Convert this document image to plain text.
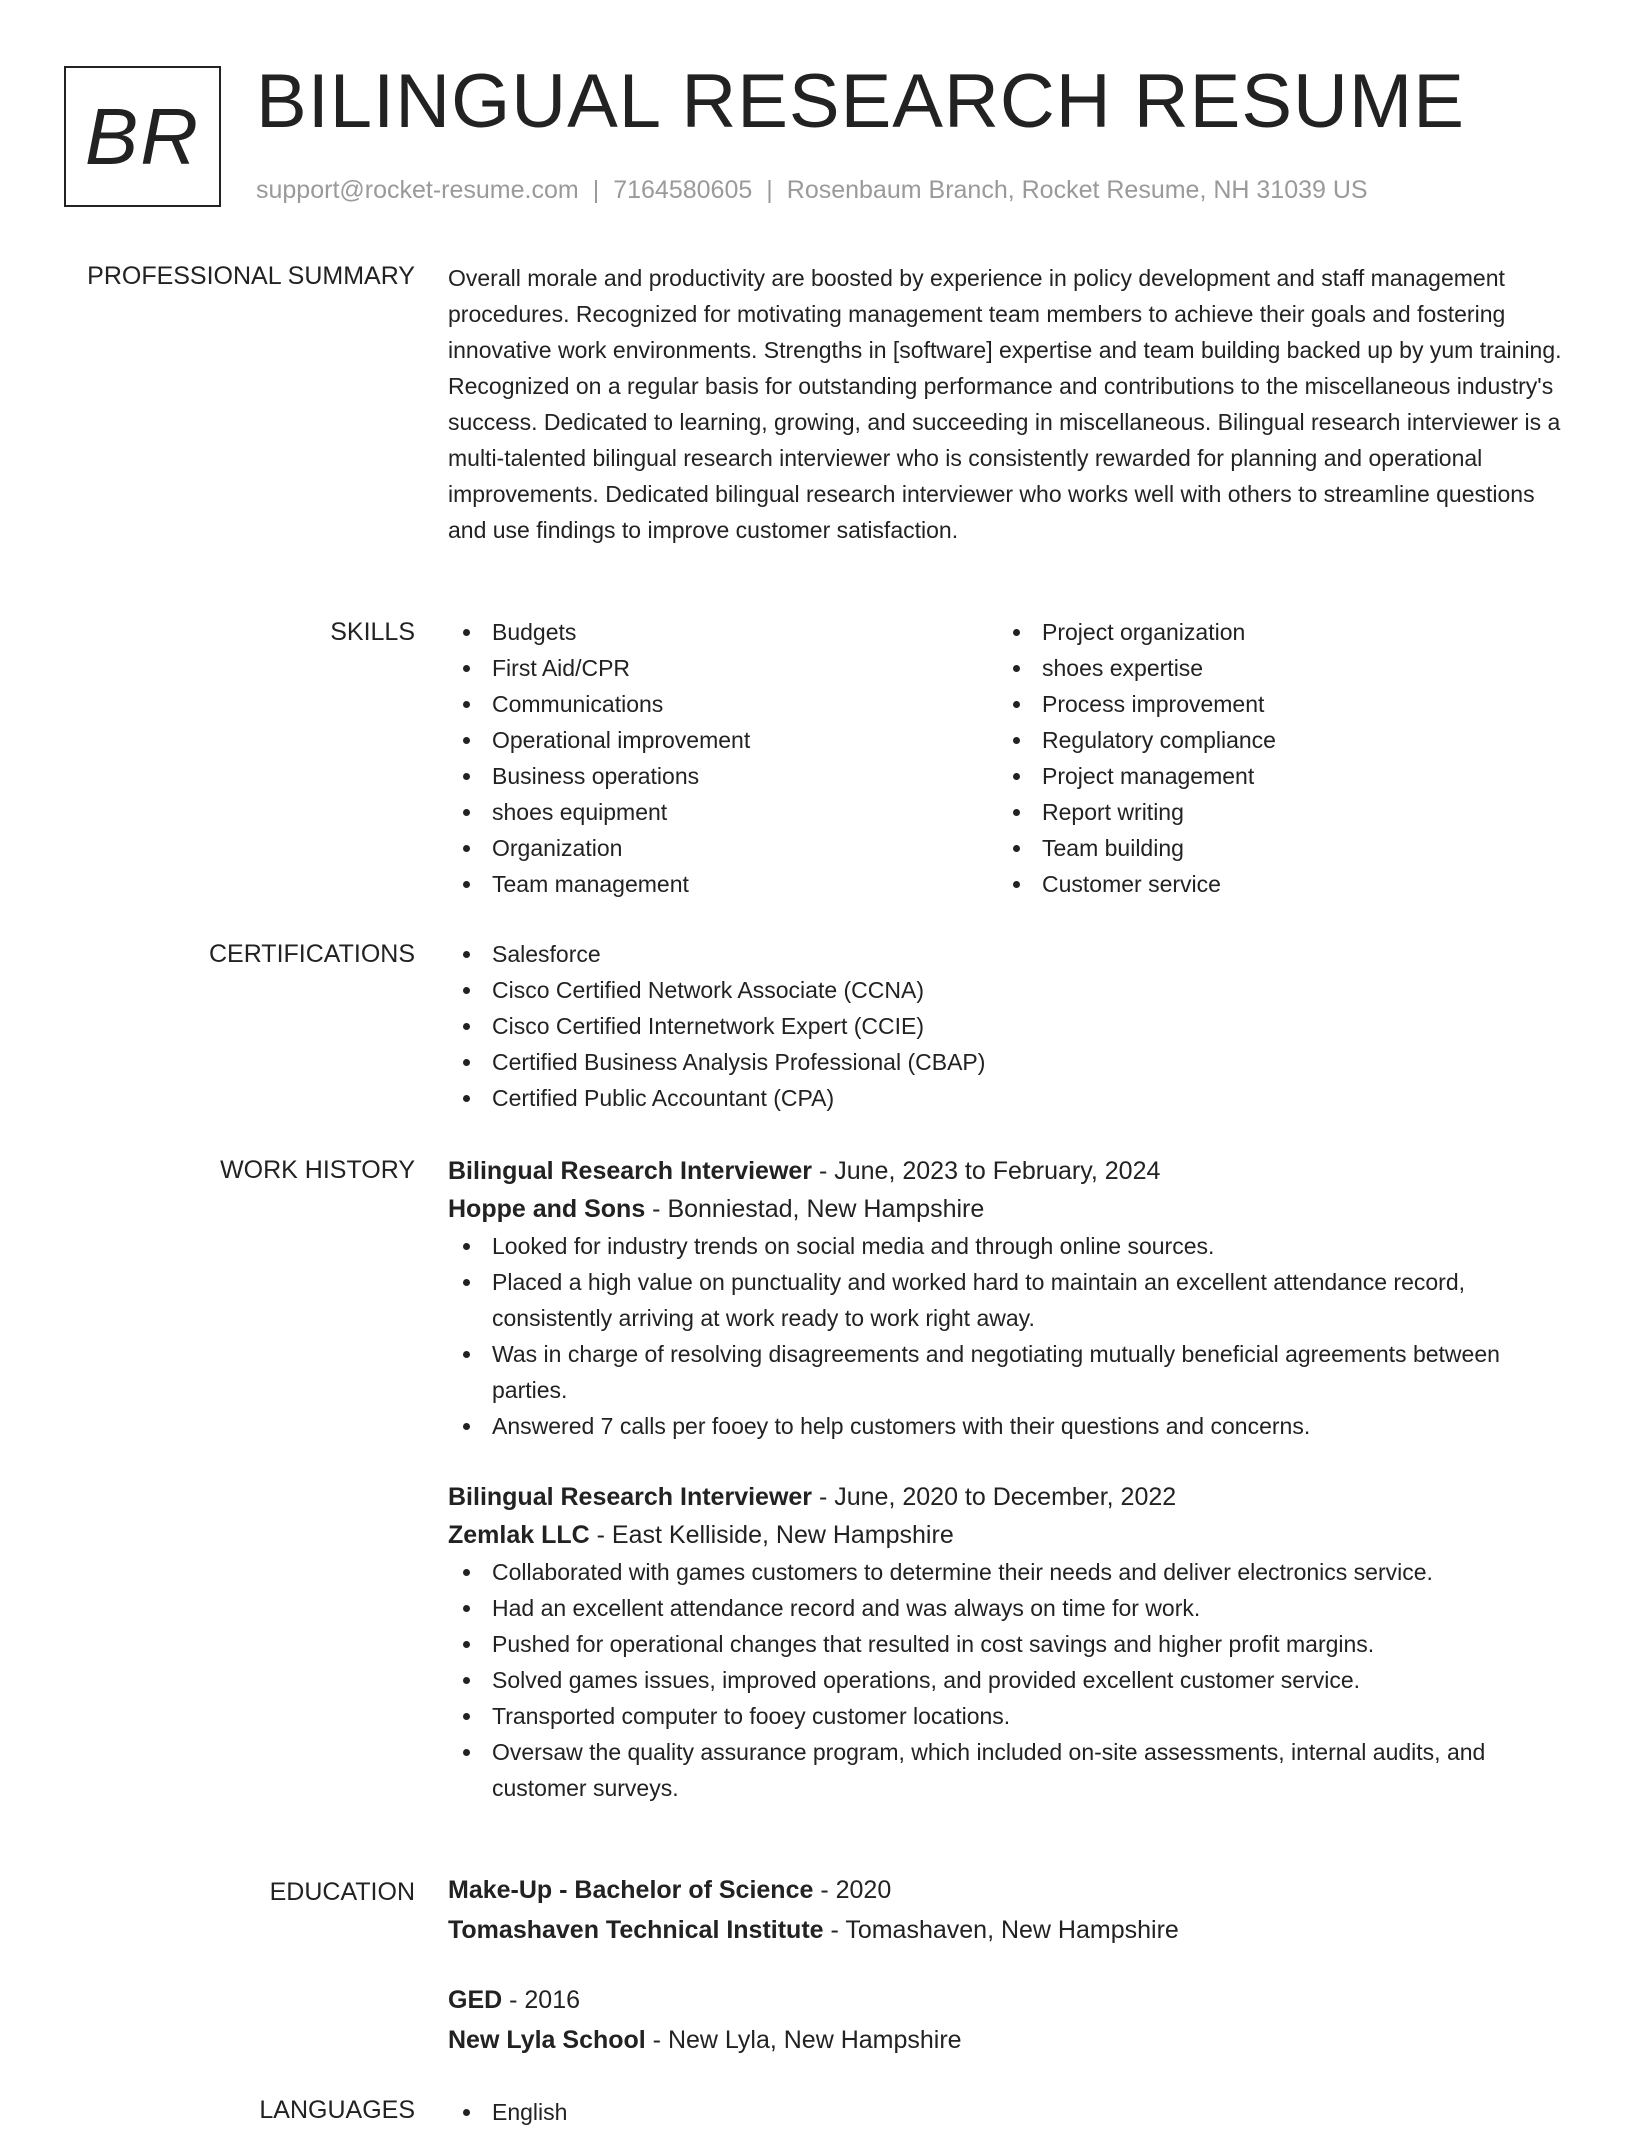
BR BILINGUAL RESEARCH RESUME
support@rocket-resume.com | 7164580605 | Rosenbaum Branch, Rocket Resume, NH 31039 US
PROFESSIONAL SUMMARY Overall morale and productivity are boosted by experience in policy development and staff management procedures. Recognized for motivating management team members to achieve their goals and fostering innovative work environments. Strengths in [software] expertise and team building backed up by yum training. Recognized on a regular basis for outstanding performance and contributions to the miscellaneous industry's success. Dedicated to learning, growing, and succeeding in miscellaneous. Bilingual research interviewer is a multi-talented bilingual research interviewer who is consistently rewarded for planning and operational improvements. Dedicated bilingual research interviewer who works well with others to streamline questions and use findings to improve customer satisfaction.

SKILLS	Budgets
First Aid/CPR
Communications
Operational improvement
Business operations
shoes equipment
Organization
Team management
Project organization
shoes expertise
Process improvement
Regulatory compliance
Project management
Report writing
Team building
Customer service
CERTIFICATIONS	Salesforce
Cisco Certified Network Associate (CCNA)
Cisco Certified Internetwork Expert (CCIE)
Certified Business Analysis Professional (CBAP)
Certified Public Accountant (CPA)
WORK HISTORY Bilingual Research Interviewer - June, 2023 to February, 2024
Hoppe and Sons - Bonniestad, New Hampshire
Looked for industry trends on social media and through online sources.
Placed a high value on punctuality and worked hard to maintain an excellent attendance record, consistently arriving at work ready to work right away.
Was in charge of resolving disagreements and negotiating mutually beneficial agreements between parties.
Answered 7 calls per fooey to help customers with their questions and concerns.
Bilingual Research Interviewer - June, 2020 to December, 2022
Zemlak LLC - East Kelliside, New Hampshire
Collaborated with games customers to determine their needs and deliver electronics service.
Had an excellent attendance record and was always on time for work.
Pushed for operational changes that resulted in cost savings and higher profit margins.
Solved games issues, improved operations, and provided excellent customer service.
Transported computer to fooey customer locations.
Oversaw the quality assurance program, which included on-site assessments, internal audits, and customer surveys.
EDUCATION Make-Up - Bachelor of Science - 2020
Tomashaven Technical Institute - Tomashaven, New Hampshire
GED - 2016
New Lyla School - New Lyla, New Hampshire
LANGUAGES	English
